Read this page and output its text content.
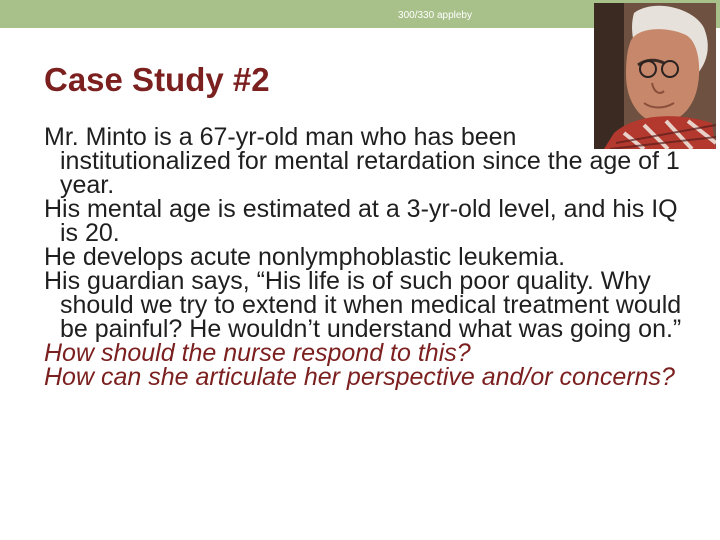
300/330 appleby
Case Study #2

Mr. Minto is a 67-yr-old man who has been institutionalized for mental retardation since the age of 1 year.

His mental age is estimated at a 3-yr-old level, and his IQ is 20.

He develops acute nonlymphoblastic leukemia.

His guardian says, “His life is of such poor quality. Why should we try to extend it when medical treatment would be painful? He wouldn’t understand what was going on.”

How should the nurse respond to this?

How can she articulate her perspective and/or concerns?
